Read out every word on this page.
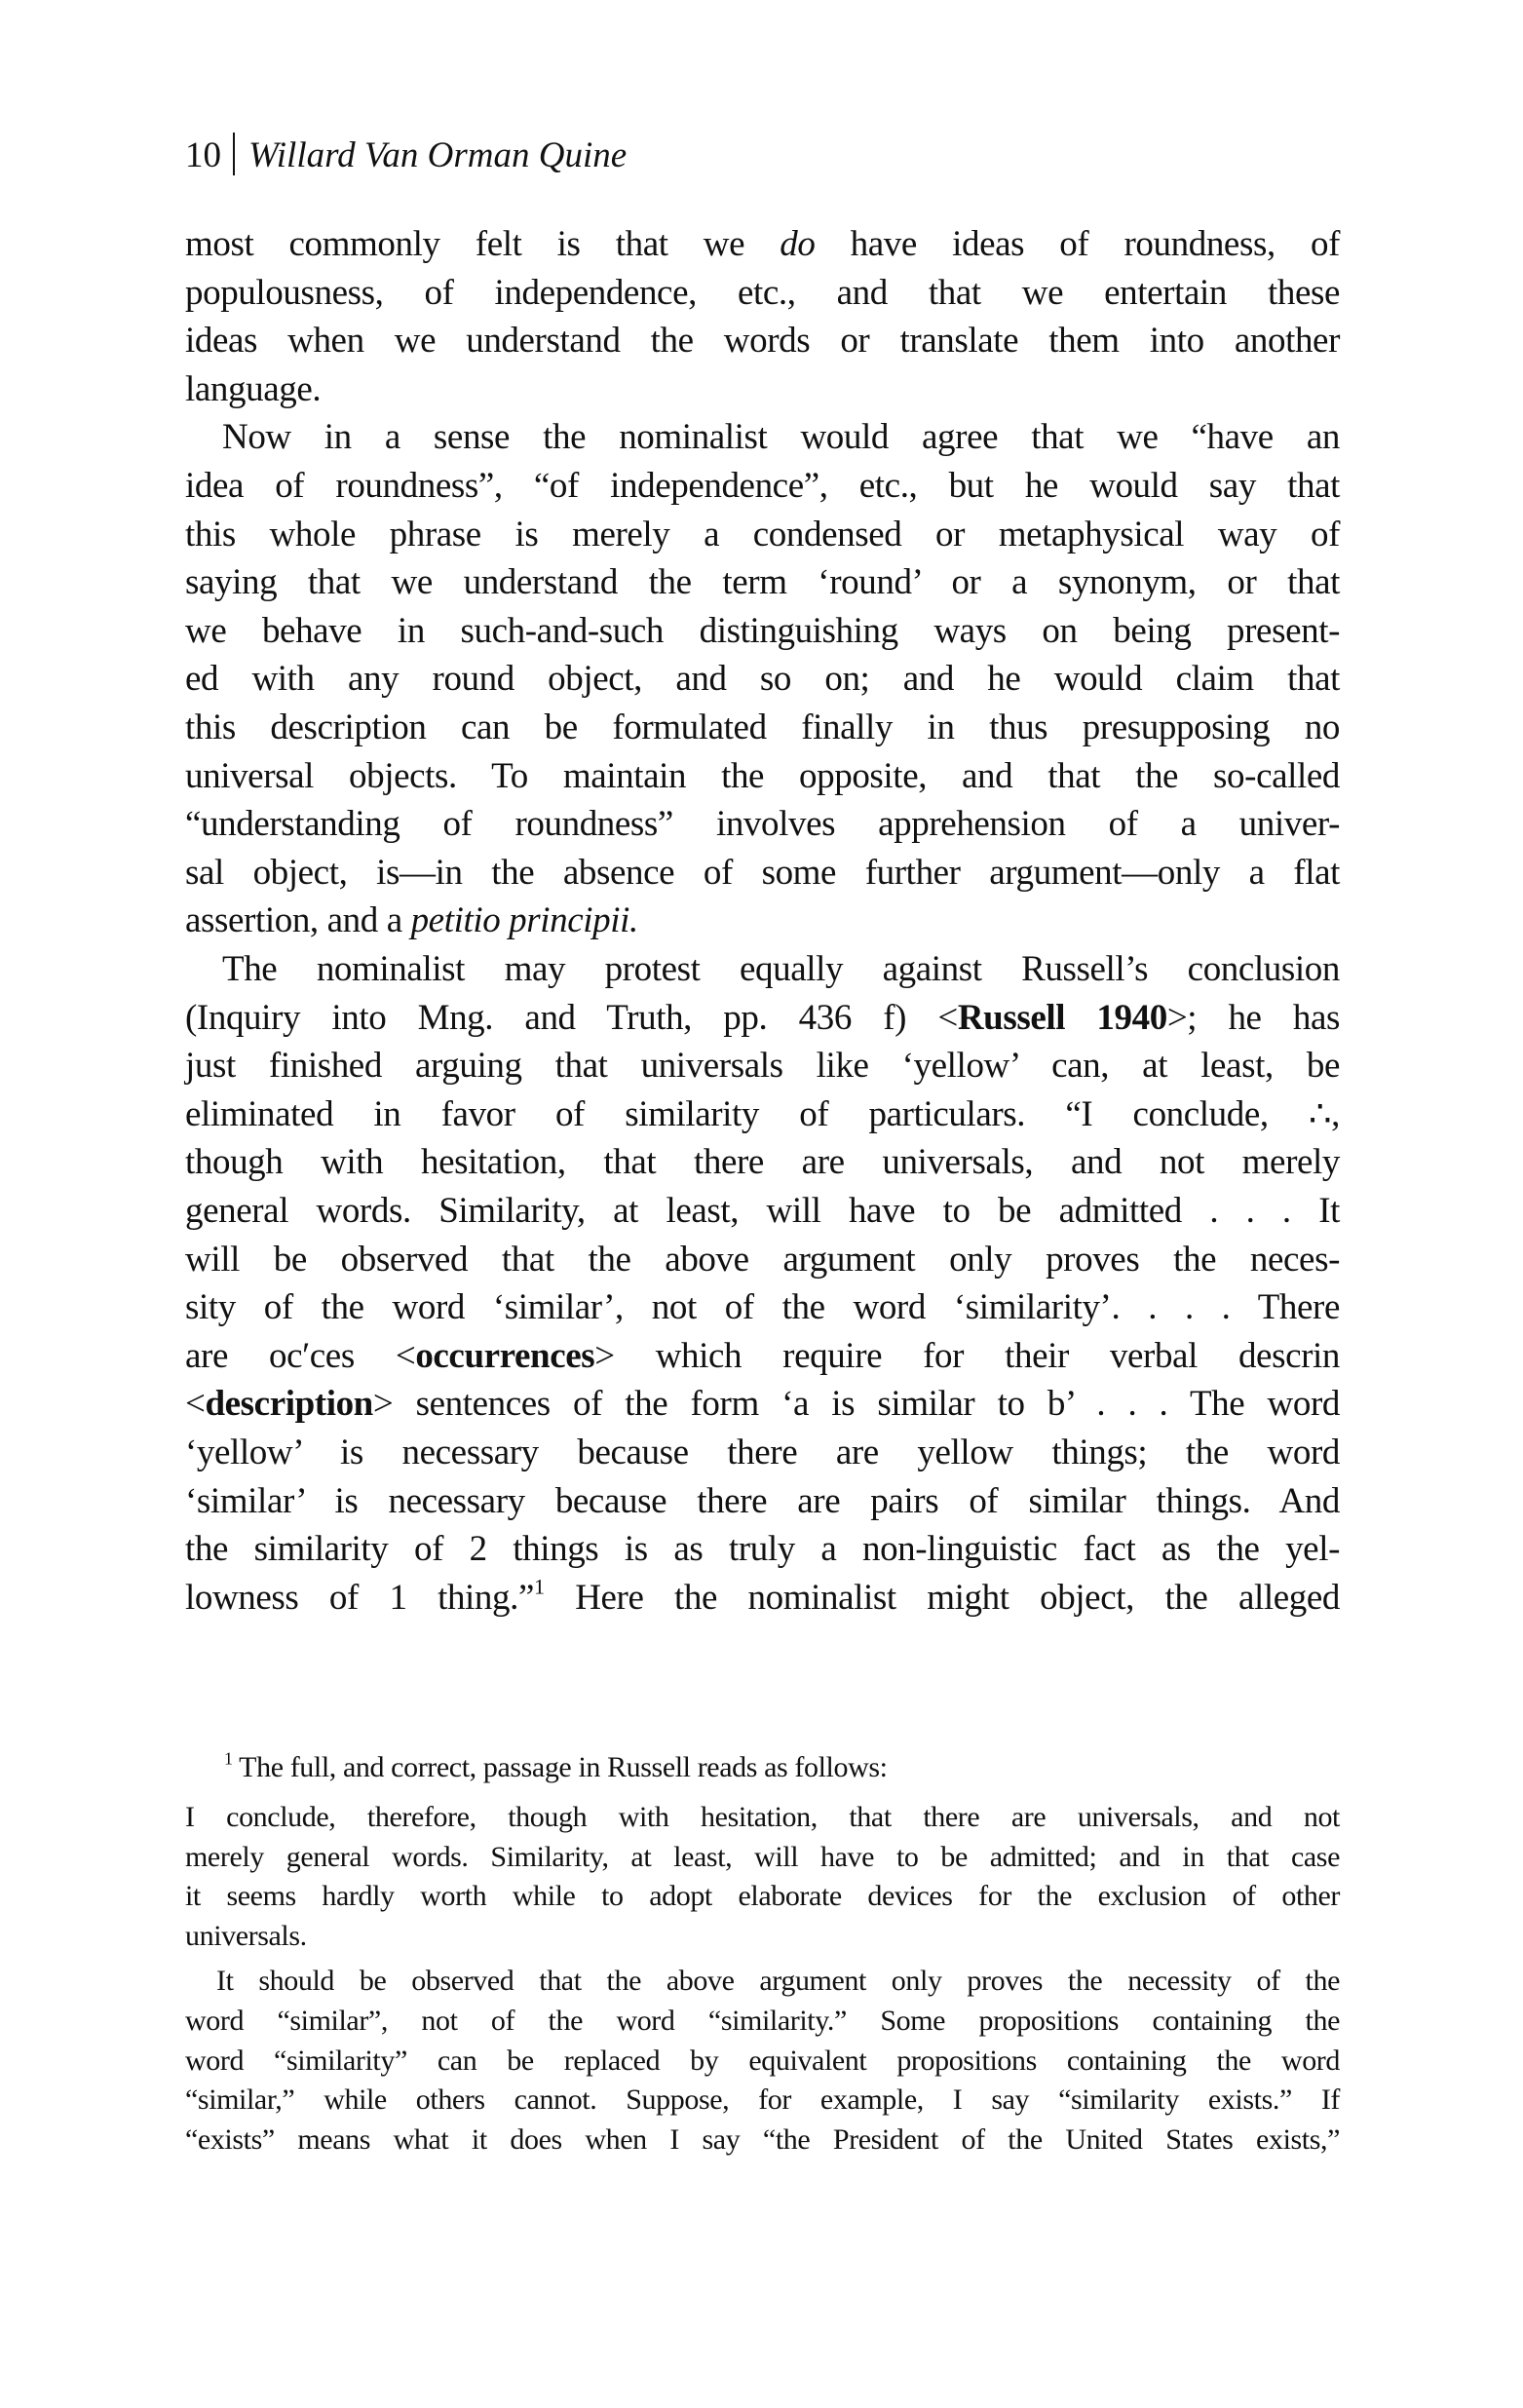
10 Willard Van Orman Quine
most commonly felt is that we do have ideas of roundness, of
populousness, of independence, etc., and that we entertain these
ideas when we understand the words or translate them into another
language.
Now in a sense the nominalist would agree that we “have an
idea of roundness”, “of independence”, etc., but he would say that
this whole phrase is merely a condensed or metaphysical way of
saying that we understand the term ‘round’ or a synonym, or that
we behave in such-and-such distinguishing ways on being present-
ed with any round object, and so on; and he would claim that
this description can be formulated finally in thus presupposing no
universal objects. To maintain the opposite, and that the so-called
“understanding of roundness” involves apprehension of a univer-
sal object, is—in the absence of some further argument—only a flat
assertion, and a petitio principii.
The nominalist may protest equally against Russell’s conclusion
(Inquiry into Mng. and Truth, pp. 436 f) <Russell 1940>; he has
just finished arguing that universals like ‘yellow’ can, at least, be
eliminated in favor of similarity of particulars. “I conclude, ∴,
though with hesitation, that there are universals, and not merely
general words. Similarity, at least, will have to be admitted . . . It
will be observed that the above argument only proves the neces-
sity of the word ‘similar’, not of the word ‘similarity’. . . . There
are oc′ces <occurrences> which require for their verbal descrin
<description> sentences of the form ‘a is similar to b’ . . . The word
‘yellow’ is necessary because there are yellow things; the word
‘similar’ is necessary because there are pairs of similar things. And
the similarity of 2 things is as truly a non-linguistic fact as the yel-
lowness of 1 thing.”$^1$ Here the nominalist might object, the alleged
$^1$ The full, and correct, passage in Russell reads as follows:
I conclude, therefore, though with hesitation, that there are universals, and not
merely general words. Similarity, at least, will have to be admitted; and in that case
it seems hardly worth while to adopt elaborate devices for the exclusion of other
universals.
It should be observed that the above argument only proves the necessity of the
word “similar”, not of the word “similarity.” Some propositions containing the
word “similarity” can be replaced by equivalent propositions containing the word
“similar,” while others cannot. Suppose, for example, I say “similarity exists.” If
“exists” means what it does when I say “the President of the United States exists,”
